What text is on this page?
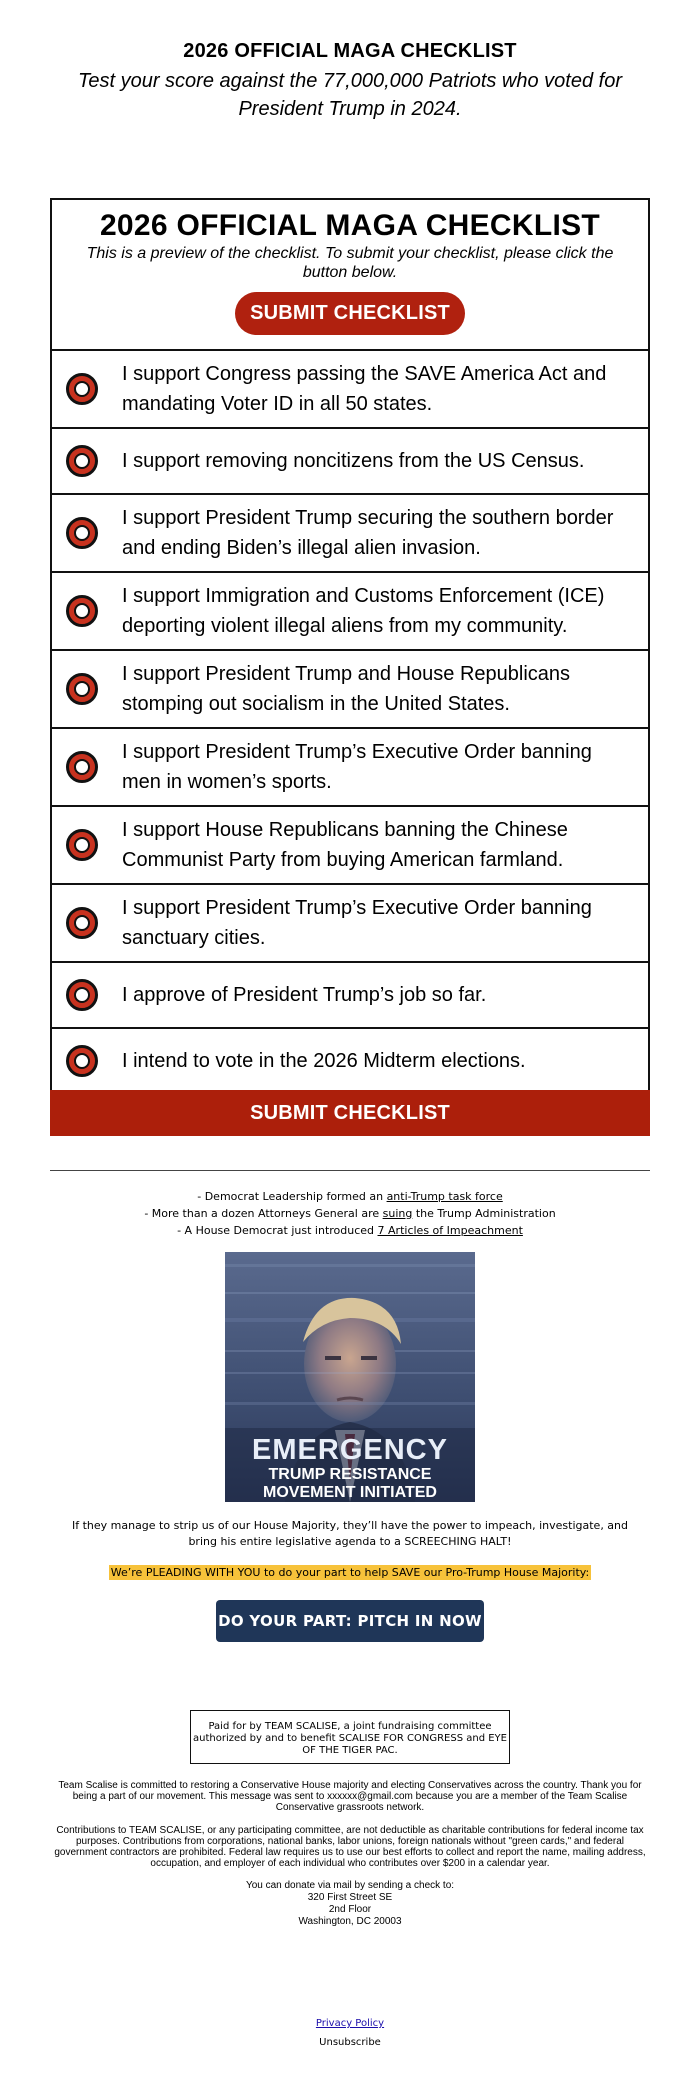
2026 OFFICIAL MAGA CHECKLIST
Test your score against the 77,000,000 Patriots who voted for President Trump in 2024.
2026 OFFICIAL MAGA CHECKLIST
This is a preview of the checklist. To submit your checklist, please click the button below.
SUBMIT CHECKLIST
I support Congress passing the SAVE America Act and mandating Voter ID in all 50 states.
I support removing noncitizens from the US Census.
I support President Trump securing the southern border and ending Biden’s illegal alien invasion.
I support Immigration and Customs Enforcement (ICE) deporting violent illegal aliens from my community.
I support President Trump and House Republicans stomping out socialism in the United States.
I support President Trump’s Executive Order banning men in women’s sports.
I support House Republicans banning the Chinese Communist Party from buying American farmland.
I support President Trump’s Executive Order banning sanctuary cities.
I approve of President Trump’s job so far.
I intend to vote in the 2026 Midterm elections.
SUBMIT CHECKLIST
- Democrat Leadership formed an anti-Trump task force
- More than a dozen Attorneys General are suing the Trump Administration
- A House Democrat just introduced 7 Articles of Impeachment
EMERGENCY
TRUMP RESISTANCE
MOVEMENT INITIATED
If they manage to strip us of our House Majority, they’ll have the power to impeach, investigate, and bring his entire legislative agenda to a SCREECHING HALT!
We’re PLEADING WITH YOU to do your part to help SAVE our Pro-Trump House Majority:
DO YOUR PART: PITCH IN NOW
Paid for by TEAM SCALISE, a joint fundraising committee authorized by and to benefit SCALISE FOR CONGRESS and EYE OF THE TIGER PAC.
Team Scalise is committed to restoring a Conservative House majority and electing Conservatives across the country. Thank you for being a part of our movement. This message was sent to xxxxxx@gmail.com because you are a member of the Team Scalise Conservative grassroots network.
Contributions to TEAM SCALISE, or any participating committee, are not deductible as charitable contributions for federal income tax purposes. Contributions from corporations, national banks, labor unions, foreign nationals without "green cards," and federal government contractors are prohibited. Federal law requires us to use our best efforts to collect and report the name, mailing address, occupation, and employer of each individual who contributes over $200 in a calendar year.
You can donate via mail by sending a check to:
320 First Street SE
2nd Floor
Washington, DC 20003
Privacy Policy
Unsubscribe
